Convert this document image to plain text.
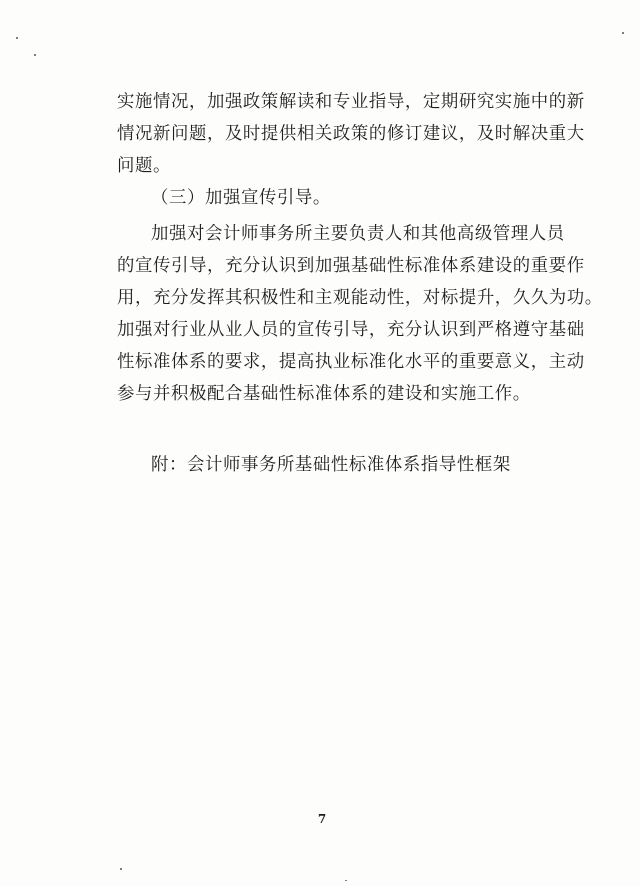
实施情况，加强政策解读和专业指导，定期研究实施中的新
情况新问题，及时提供相关政策的修订建议，及时解决重大
问题。
（三）加强宣传引导。
加强对会计师事务所主要负责人和其他高级管理人员
的宣传引导，充分认识到加强基础性标准体系建设的重要作
用，充分发挥其积极性和主观能动性，对标提升，久久为功。
加强对行业从业人员的宣传引导，充分认识到严格遵守基础
性标准体系的要求，提高执业标准化水平的重要意义，主动
参与并积极配合基础性标准体系的建设和实施工作。
附：会计师事务所基础性标准体系指导性框架
7
